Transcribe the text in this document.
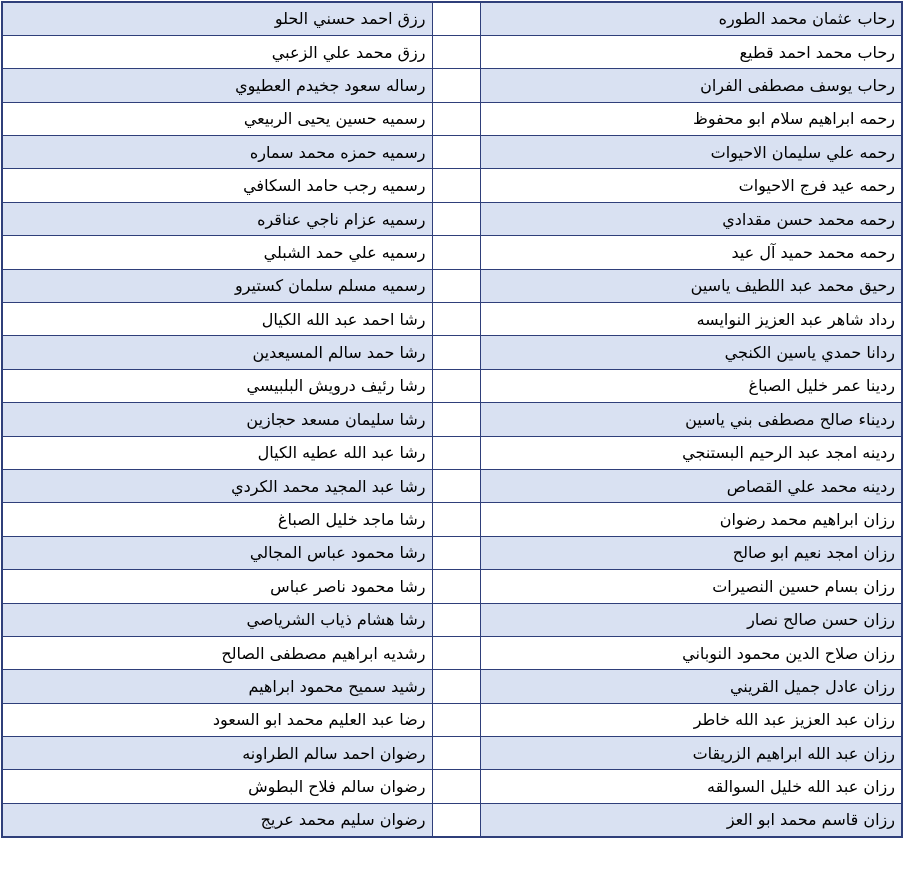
رزق احمد حسني الحلو		رحاب عثمان محمد الطوره
رزق محمد علي الزعبي		رحاب محمد احمد قطيع
رساله سعود جخيدم العطيوي		رحاب يوسف مصطفى الفران
رسميه حسين يحيى الربيعي		رحمه ابراهيم سلام ابو محفوظ
رسميه حمزه محمد سماره		رحمه علي سليمان الاحيوات
رسميه رجب حامد السكافي		رحمه عيد فرج الاحيوات
رسميه عزام ناجي عناقره		رحمه محمد حسن مقدادي
رسميه علي حمد الشبلي		رحمه محمد حميد آل عيد
رسميه مسلم سلمان كستيرو		رحيق محمد عبد اللطيف ياسين
رشا احمد عبد الله الكيال		رداد شاهر عبد العزيز النوايسه
رشا حمد سالم المسيعدين		ردانا حمدي ياسين الكنجي
رشا رئيف درويش البلبيسي		ردينا عمر خليل الصباغ
رشا سليمان مسعد حجازين		رديناء صالح مصطفى بني ياسين
رشا عبد الله عطيه الكيال		ردينه امجد عبد الرحيم البستنجي
رشا عبد المجيد محمد الكردي		ردينه محمد علي القصاص
رشا ماجد خليل الصباغ		رزان ابراهيم محمد رضوان
رشا محمود عباس المجالي		رزان امجد نعيم ابو صالح
رشا محمود ناصر عباس		رزان بسام حسين النصيرات
رشا هشام ذياب الشرياصي		رزان حسن صالح نصار
رشديه ابراهيم مصطفى الصالح		رزان صلاح الدين محمود النوباني
رشيد سميح محمود ابراهيم		رزان عادل جميل القريني
رضا عبد العليم محمد ابو السعود		رزان عبد العزيز عبد الله خاطر
رضوان احمد سالم الطراونه		رزان عبد الله ابراهيم الزريقات
رضوان سالم فلاح البطوش		رزان عبد الله خليل السوالقه
رضوان سليم محمد عريج		رزان قاسم محمد ابو العز
